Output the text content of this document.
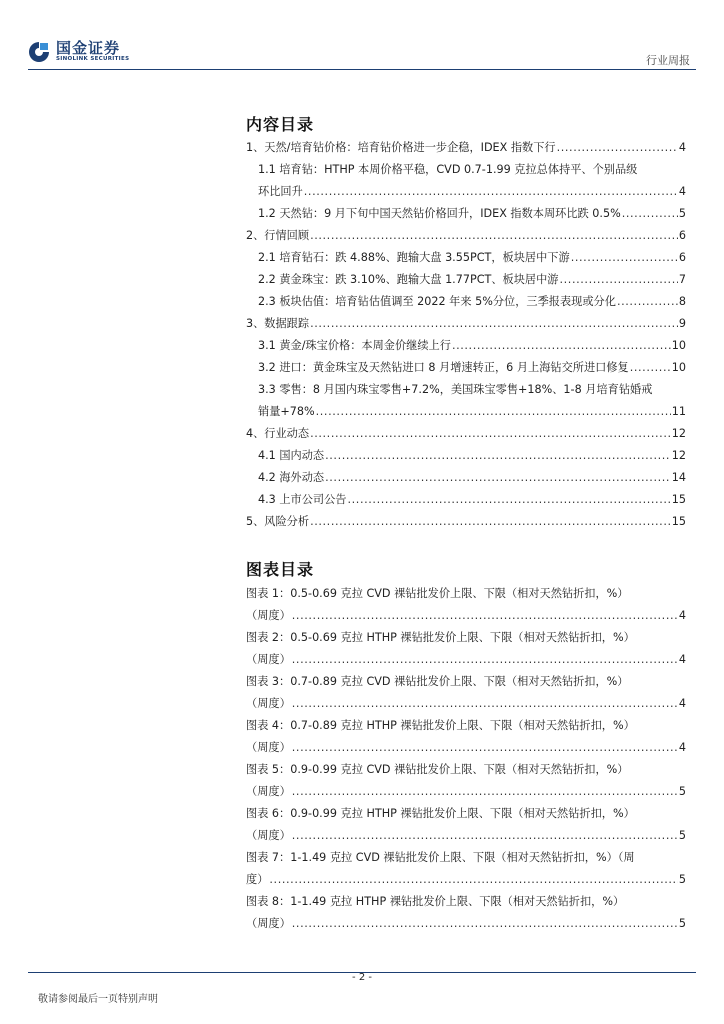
国金证券
SINOLINK SECURITIES	行业周报
内容目录
1、天然/培育钻价格：培育钻价格进一步企稳，IDEX 指数下行 .....	4
1.1 培育钻：HTHP 本周价格平稳，CVD 0.7-1.99 克拉总体持平、个别品级
环比回升 .....	4
1.2 天然钻：9 月下旬中国天然钻价格回升，IDEX 指数本周环比跌 0.5% .....	5
2、行情回顾 .....	6
2.1 培育钻石：跌 4.88%、跑输大盘 3.55PCT，板块居中下游 .....	6
2.2 黄金珠宝：跌 3.10%、跑输大盘 1.77PCT、板块居中游 .....	7
2.3 板块估值：培育钻估值调至 2022 年来 5%分位，三季报表现或分化 .....	8
3、数据跟踪 .....	9
3.1 黄金/珠宝价格：本周金价继续上行 .....	10
3.2 进口：黄金珠宝及天然钻进口 8 月增速转正，6 月上海钻交所进口修复 .....	10
3.3 零售：8 月国内珠宝零售+7.2%，美国珠宝零售+18%、1-8 月培育钻婚戒
销量+78% .....	11
4、行业动态 .....	12
4.1 国内动态 .....	12
4.2 海外动态 .....	14
4.3 上市公司公告 .....	15
5、风险分析 .....	15
图表目录
图表 1：0.5-0.69 克拉 CVD 裸钻批发价上限、下限（相对天然钻折扣，%）
（周度） .....	4
图表 2：0.5-0.69 克拉 HTHP 裸钻批发价上限、下限（相对天然钻折扣，%）
（周度） .....	4
图表 3：0.7-0.89 克拉 CVD 裸钻批发价上限、下限（相对天然钻折扣，%）
（周度） .....	4
图表 4：0.7-0.89 克拉 HTHP 裸钻批发价上限、下限（相对天然钻折扣，%）
（周度） .....	4
图表 5：0.9-0.99 克拉 CVD 裸钻批发价上限、下限（相对天然钻折扣，%）
（周度） .....	5
图表 6：0.9-0.99 克拉 HTHP 裸钻批发价上限、下限（相对天然钻折扣，%）
（周度） .....	5
图表 7：1-1.49 克拉 CVD 裸钻批发价上限、下限（相对天然钻折扣，%）（周
度） .....	5
图表 8：1-1.49 克拉 HTHP 裸钻批发价上限、下限（相对天然钻折扣，%）
（周度） .....	5
- 2 -
敬请参阅最后一页特别声明
